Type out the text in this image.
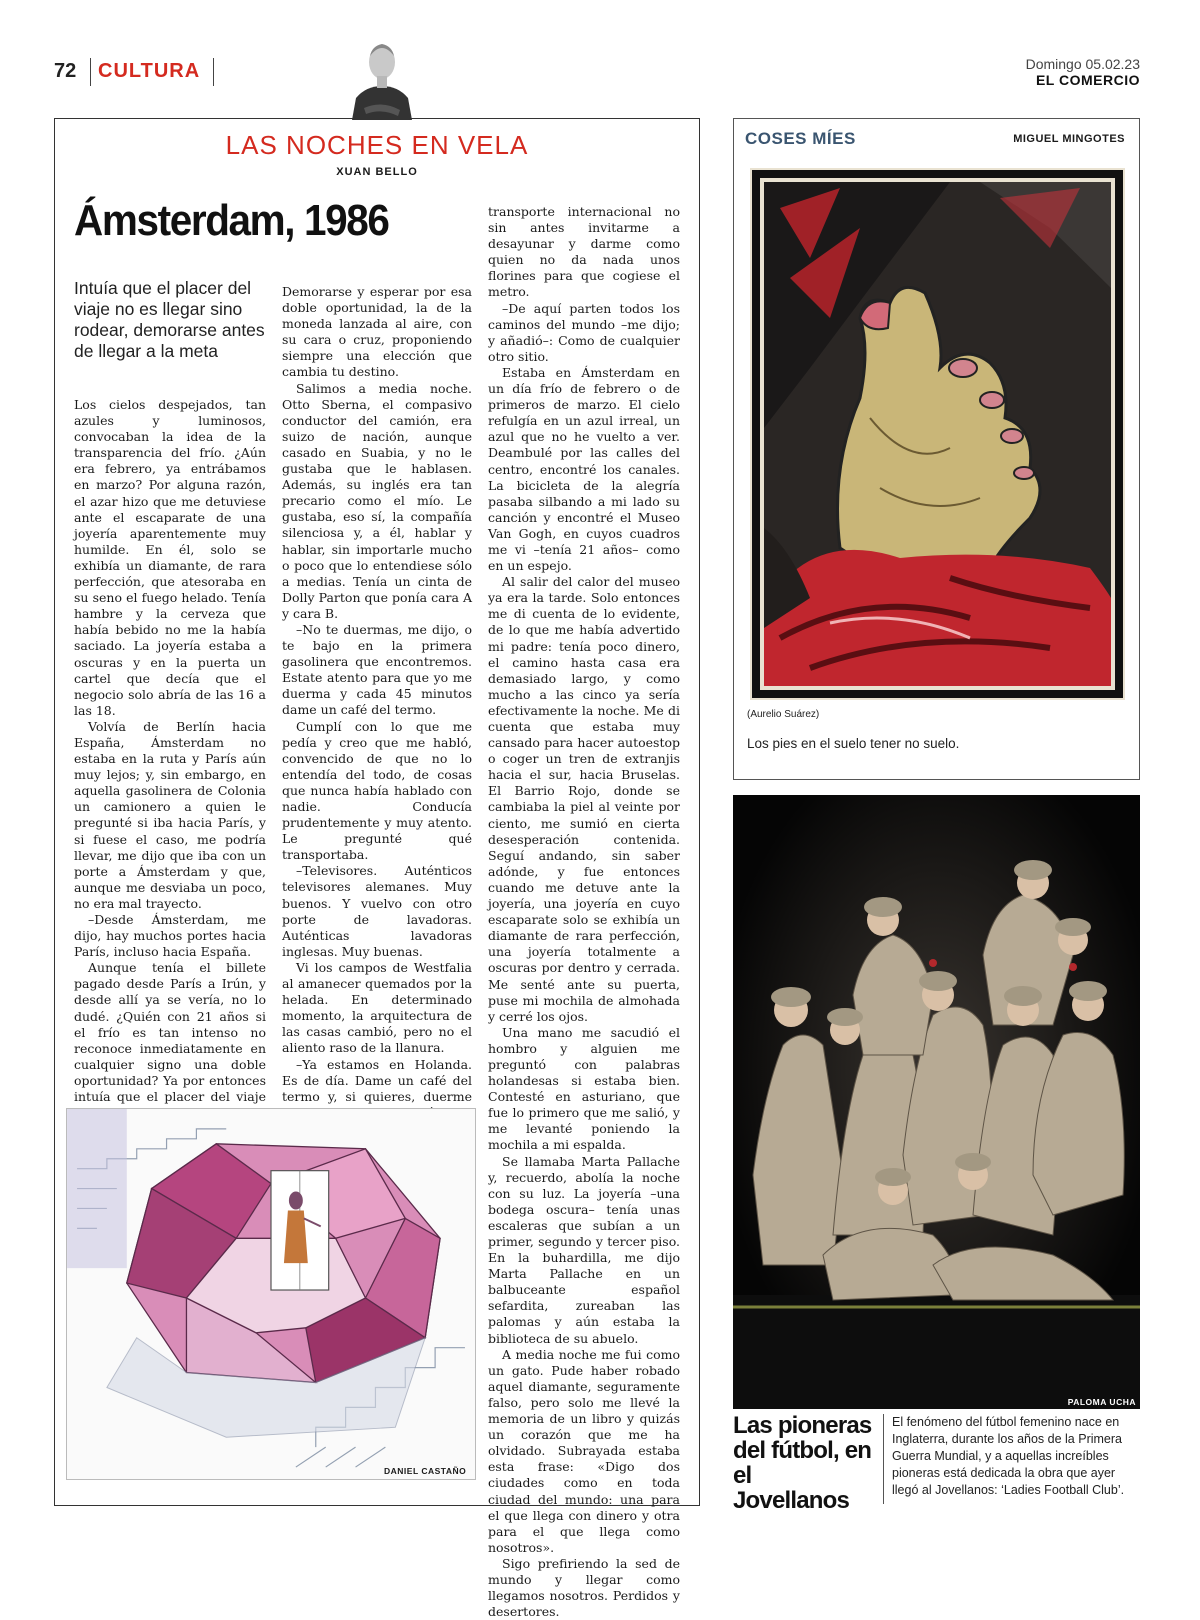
72 CULTURA	Domingo 05.02.23
EL COMERCIO
LAS NOCHES EN VELA
XUAN BELLO
Ámsterdam, 1986
Intuía que el placer del viaje no es llegar sino rodear, demorarse antes de llegar a la meta

Los cielos despejados, tan azules y luminosos, convocaban la idea de la transparencia del frío. ¿Aún era febrero, ya entrábamos en marzo? Por alguna razón, el azar hizo que me detuviese ante el escaparate de una joyería aparentemente muy humilde. En él, solo se exhibía un diamante, de rara perfección, que atesoraba en su seno el fuego helado. Tenía hambre y la cerveza que había bebido no me la había saciado. La joyería estaba a oscuras y en la puerta un cartel que decía que el negocio solo abría de las 16 a las 18.

Volvía de Berlín hacia España, Ámsterdam no estaba en la ruta y París aún muy lejos; y, sin embargo, en aquella gasolinera de Colonia un camionero a quien le pregunté si iba hacia París, y si fuese el caso, me podría llevar, me dijo que iba con un porte a Ámsterdam y que, aunque me desviaba un poco, no era mal trayecto.

–Desde Ámsterdam, me dijo, hay muchos portes hacia París, incluso hacia España.

Aunque tenía el billete pagado desde París a Irún, y desde allí ya se vería, no lo dudé. ¿Quién con 21 años si el frío es tan intenso no reconoce inmediatamente en cualquier signo una doble oportunidad? Ya por entonces intuía que el placer del viaje

Demorarse y esperar por esa doble oportunidad, la de la moneda lanzada al aire, con su cara o cruz, proponiendo siempre una elección que cambia tu destino.

Salimos a media noche. Otto Sberna, el compasivo conductor del camión, era suizo de nación, aunque casado en Suabia, y no le gustaba que le hablasen. Además, su inglés era tan precario como el mío. Le gustaba, eso sí, la compañía silenciosa y, a él, hablar y hablar, sin importarle mucho o poco que lo entendiese sólo a medias. Tenía un cinta de Dolly Parton que ponía cara A y cara B.

–No te duermas, me dijo, o te bajo en la primera gasolinera que encontremos. Estate atento para que yo me duerma y cada 45 minutos dame un café del termo.

Cumplí con lo que me pedía y creo que me habló, convencido de que no lo entendía del todo, de cosas que nunca había hablado con nadie. Conducía prudentemente y muy atento. Le pregunté qué transportaba.

–Televisores. Auténticos televisores alemanes. Muy buenos. Y vuelvo con otro porte de lavadoras. Auténticas lavadoras inglesas. Muy buenas.

Vi los campos de Westfalia al amanecer quemados por la helada. En determinado momento, la arquitectura de las casas cambió, pero no el aliento raso de la llanura.

–Ya estamos en Holanda. Es de día. Dame un café del termo y, si quieres, duerme

transporte internacional no sin antes invitarme a desayunar y darme como quien no da nada unos florines para que cogiese el metro.

–De aquí parten todos los caminos del mundo –me dijo; y añadió–: Como de cualquier otro sitio.

Estaba en Ámsterdam en un día frío de febrero o de primeros de marzo. El cielo refulgía en un azul irreal, un azul que no he vuelto a ver. Deambulé por las calles del centro, encontré los canales. La bicicleta de la alegría pasaba silbando a mi lado su canción y encontré el Museo Van Gogh, en cuyos cuadros me vi –tenía 21 años– como en un espejo.

Al salir del calor del museo ya era la tarde. Solo entonces me di cuenta de lo evidente, de lo que me había advertido mi padre: tenía poco dinero, el camino hasta casa era demasiado largo, y como mucho a las cinco ya sería efectivamente la noche. Me di cuenta que estaba muy cansado para hacer autoestop o coger un tren de extranjis hacia el sur, hacia Bruselas. El Barrio Rojo, donde se cambiaba la piel al veinte por ciento, me sumió en cierta desesperación contenida. Seguí andando, sin saber adónde, y fue entonces cuando me detuve ante la joyería, una joyería en cuyo escaparate solo se exhibía un diamante de rara perfección, una joyería totalmente a oscuras por dentro y cerrada. Me senté ante su puerta, puse mi mochila de almohada y cerré los ojos.

Una mano me sacudió el hombro y alguien me preguntó con palabras holandesas si estaba bien. Contesté en asturiano, que fue lo primero que me salió, y me levanté poniendo la mochila a mi espalda.

Se llamaba Marta Pallache y, recuerdo, abolía la noche con su luz. La joyería –una bodega oscura– tenía unas escaleras que subían a un primer, segundo y tercer piso. En la buhardilla, me dijo Marta Pallache en un balbuceante español sefardita, zureaban las palomas y aún estaba la biblioteca de su abuelo.

A media noche me fui como un gato. Pude haber robado aquel diamante, seguramente falso, pero solo me llevé la memoria de un libro y quizás un corazón que me ha olvidado. Subrayada estaba esta frase: «Digo dos ciudades como en toda ciudad del mundo: una para el que llega con dinero y otra para el que llega como nosotros».

Sigo prefiriendo la sed de mundo y llegar como llegamos nosotros. Perdidos y desertores.

DANIEL CASTAÑO
COSES MÍES	MIGUEL MINGOTES
(Aurelio Suárez)
Los pies en el suelo tener no suelo.
PALOMA UCHA
Las pioneras del fútbol, en el Jovellanos
El fenómeno del fútbol femenino nace en Inglaterra, durante los años de la Primera Guerra Mundial, y a aquellas increíbles pioneras está dedicada la obra que ayer llegó al Jovellanos: ‘Ladies Football Club’.
